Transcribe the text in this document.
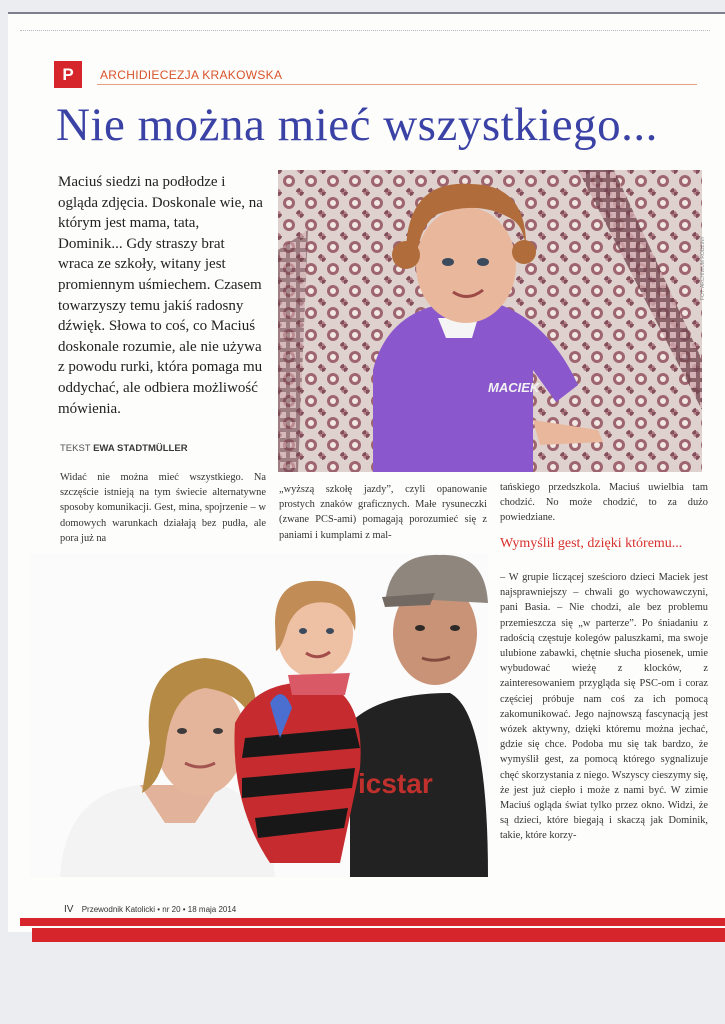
P	ARCHIDIECEZJA KRAKOWSKA
Nie można mieć wszystkiego...
Maciuś siedzi na podłodze i ogląda zdjęcia. Doskonale wie, na którym jest mama, tata, Dominik... Gdy straszy brat wraca ze szkoły, witany jest promiennym uśmiechem. Czasem towarzyszy temu jakiś radosny dźwięk. Słowa to coś, co Maciuś doskonale rozumie, ale nie używa z powodu rurki, która pomaga mu oddychać, ale odbiera możliwość mówienia.
TEKST EWA STADTMÜLLER
MACIEK
FOT. ARCHIWUM RODZINY
Widać nie można mieć wszystkiego. Na szczęście istnieją na tym świecie alternatywne sposoby komunikacji. Gest, mina, spojrzenie – w domowych warunkach działają bez pudła, ale pora już na
„wyższą szkołę jazdy”, czyli opanowanie prostych znaków graficznych. Małe rysuneczki (zwane PCS-ami) pomagają porozumieć się z paniami i kumplami z mal-
tańskiego przedszkola. Maciuś uwielbia tam chodzić. No może chodzić, to za dużo powiedziane.
Wymyślił gest, dzięki któremu...
– W grupie liczącej sześcioro dzieci Maciek jest najsprawniejszy – chwali go wychowawczyni, pani Basia. – Nie chodzi, ale bez problemu przemieszcza się „w parterze”. Po śniadaniu z radością częstuje kolegów paluszkami, ma swoje ulubione zabawki, chętnie słucha piosenek, umie wybudować wieżę z klocków, z zainteresowaniem przygląda się PSC-om i coraz częściej próbuje nam coś za ich pomocą zakomunikować. Jego najnowszą fascynacją jest wózek aktywny, dzięki któremu można jechać, gdzie się chce. Podoba mu się tak bardzo, że wymyślił gest, za pomocą którego sygnalizuje chęć skorzystania z niego. Wszyscy cieszymy się, że jest już ciepło i może z nami być. W zimie Maciuś ogląda świat tylko przez okno. Widzi, że są dzieci, które biegają i skaczą jak Dominik, takie, które korzy-
icstar
IV Przewodnik Katolicki • nr 20 • 18 maja 2014
